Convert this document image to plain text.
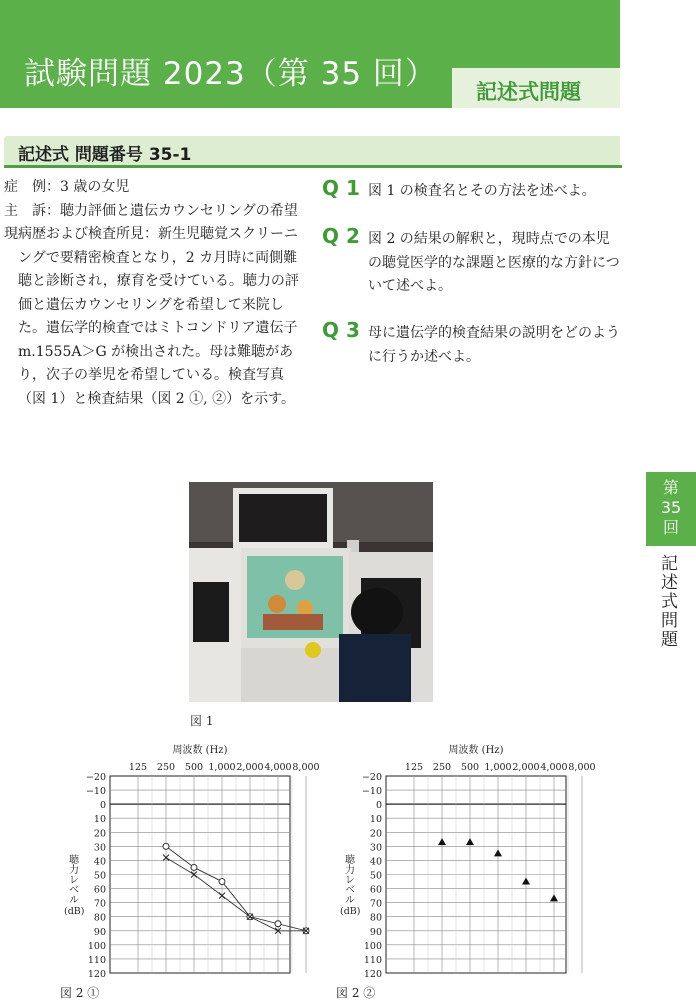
試験問題 2023（第 35 回） 記述式問題
記述式 問題番号 35-1

症　例：3 歳の女児

主　訴：聴力評価と遺伝カウンセリングの希望

現病歴および検査所見：新生児聴覚スクリーニングで要精密検査となり，2 カ月時に両側難聴と診断され，療育を受けている。聴力の評価と遺伝カウンセリングを希望して来院した。遺伝学的検査ではミトコンドリア遺伝子 m.1555A＞G が検出された。母は難聴があり，次子の挙児を希望している。検査写真（図 1）と検査結果（図 2 ①, ②）を示す。

Q 1 図 1 の検査名とその方法を述べよ。
Q 2 図 2 の結果の解釈と，現時点での本児の聴覚医学的な課題と医療的な方針について述べよ。
Q 3 母に遺伝学的検査結果の説明をどのように行うか述べよ。
図 1
−20
−10
0
10
20
30
40
50
60
70
80
90
100
110
120
125 250 500 1,000 2,000 4,000 8,000
周波数 (Hz)
聴力レベル
(dB)
図 2 ①
−20
−10
0
10
20
30
40
50
60
70
80
90
100
110
120
125 250 500 1,000 2,000 4,000 8,000
周波数 (Hz)
聴力レベル
(dB)
図 2 ②
第
35
回
記述式問題
